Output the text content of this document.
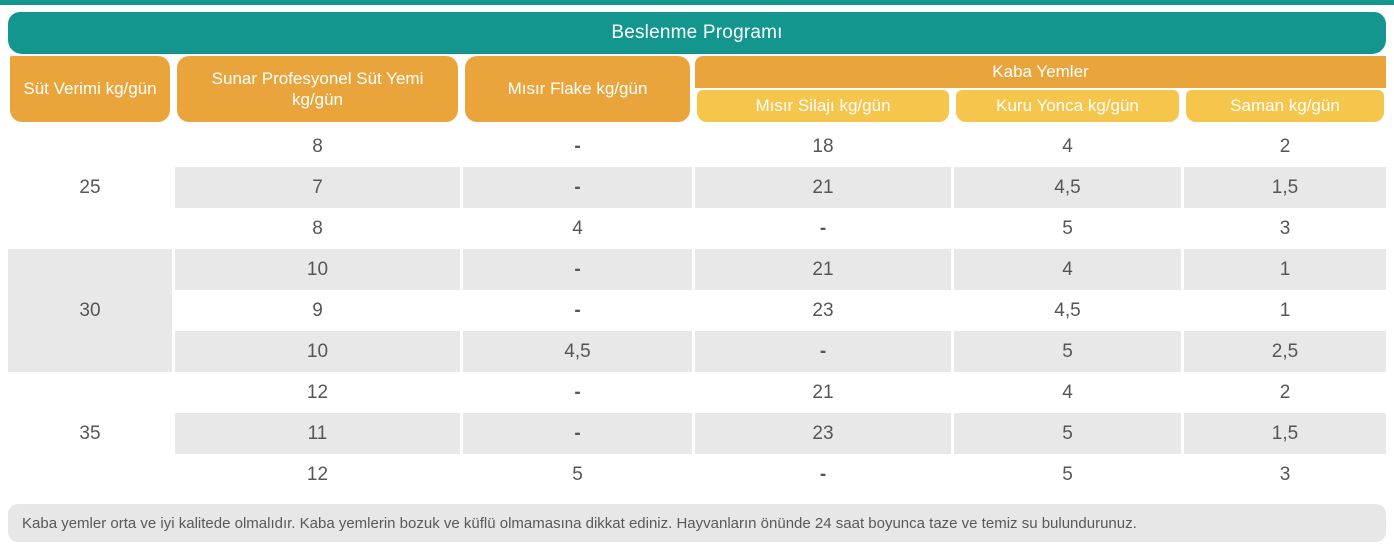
Beslenme Programı
Süt Verimi kg/gün
Sunar Profesyonel Süt Yemi kg/gün
Mısır Flake kg/gün
Kaba Yemler
Mısır Silajı kg/gün	Kuru Yonca kg/gün	Saman kg/gün
25
8	-	18	4	2
7	-	21	4,5	1,5
8	4	-	5	3
30
10	-	21	4	1
9	-	23	4,5	1
10	4,5	-	5	2,5
35
12	-	21	4	2
11	-	23	5	1,5
12	5	-	5	3
Kaba yemler orta ve iyi kalitede olmalıdır. Kaba yemlerin bozuk ve küflü olmamasına dikkat ediniz. Hayvanların önünde 24 saat boyunca taze ve temiz su bulundurunuz.
